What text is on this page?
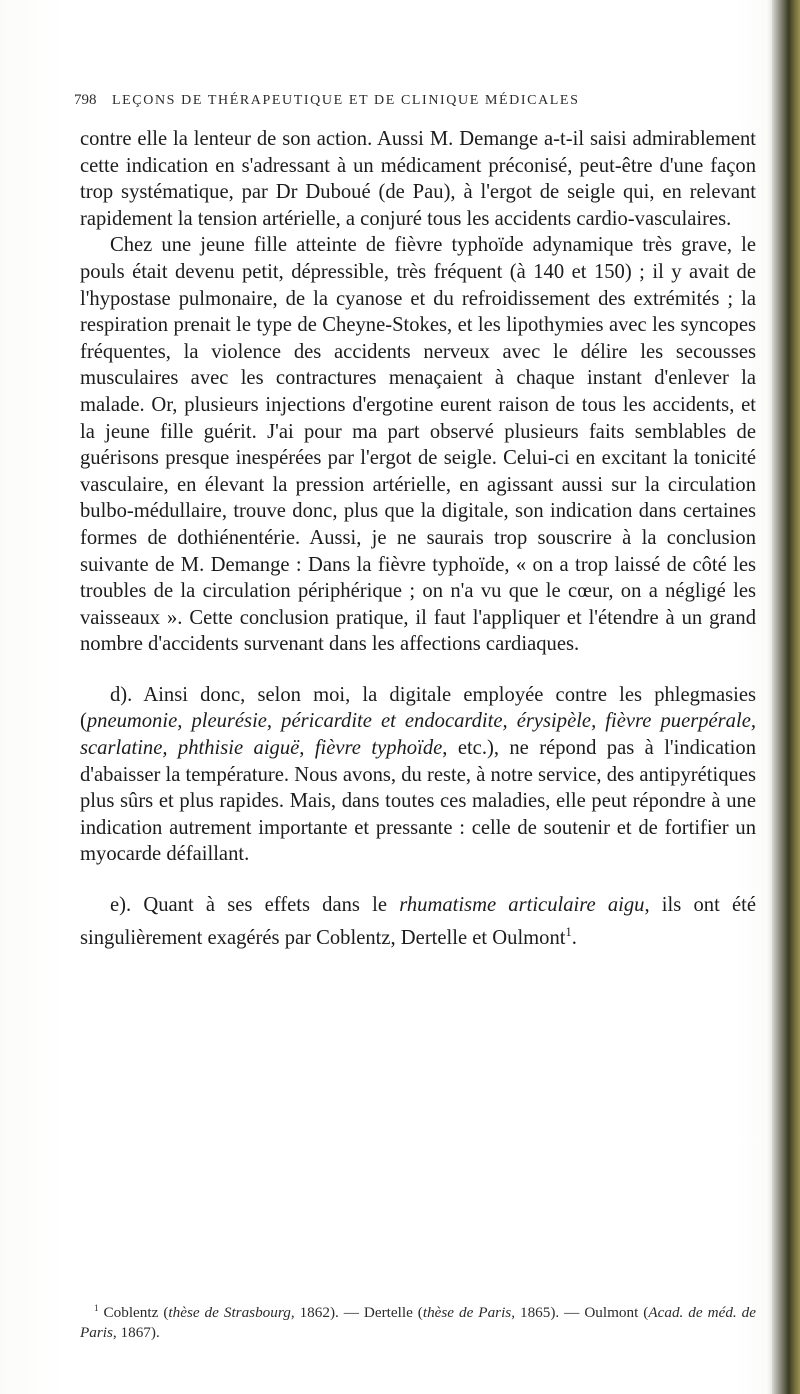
798	LEÇONS DE THÉRAPEUTIQUE ET DE CLINIQUE MÉDICALES

contre elle la lenteur de son action. Aussi M. Demange a-t-il saisi admirablement cette indication en s'adressant à un médicament préconisé, peut-être d'une façon trop systématique, par Dr Duboué (de Pau), à l'ergot de seigle qui, en relevant rapidement la tension artérielle, a conjuré tous les accidents cardio-vasculaires.

Chez une jeune fille atteinte de fièvre typhoïde adynamique très grave, le pouls était devenu petit, dépressible, très fréquent (à 140 et 150) ; il y avait de l'hypostase pulmonaire, de la cyanose et du refroidissement des extrémités ; la respiration prenait le type de Cheyne-Stokes, et les lipothymies avec les syncopes fréquentes, la violence des accidents nerveux avec le délire les secousses musculaires avec les contractures menaçaient à chaque instant d'enlever la malade. Or, plusieurs injections d'ergotine eurent raison de tous les accidents, et la jeune fille guérit. J'ai pour ma part observé plusieurs faits semblables de guérisons presque inespérées par l'ergot de seigle. Celui-ci en excitant la tonicité vasculaire, en élevant la pression artérielle, en agissant aussi sur la circulation bulbo-médullaire, trouve donc, plus que la digitale, son indication dans certaines formes de dothiénentérie. Aussi, je ne saurais trop souscrire à la conclusion suivante de M. Demange : Dans la fièvre typhoïde, « on a trop laissé de côté les troubles de la circulation périphérique ; on n'a vu que le cœur, on a négligé les vaisseaux ». Cette conclusion pratique, il faut l'appliquer et l'étendre à un grand nombre d'accidents survenant dans les affections cardiaques.

d). Ainsi donc, selon moi, la digitale employée contre les phlegmasies (pneumonie, pleurésie, péricardite et endocardite, érysipèle, fièvre puerpérale, scarlatine, phthisie aiguë, fièvre typhoïde, etc.), ne répond pas à l'indication d'abaisser la température. Nous avons, du reste, à notre service, des antipyrétiques plus sûrs et plus rapides. Mais, dans toutes ces maladies, elle peut répondre à une indication autrement importante et pressante : celle de soutenir et de fortifier un myocarde défaillant.

e). Quant à ses effets dans le rhumatisme articulaire aigu, ils ont été singulièrement exagérés par Coblentz, Dertelle et Oulmont$^1$.

$^1$ Coblentz (thèse de Strasbourg, 1862). — Dertelle (thèse de Paris, 1865). — Oulmont (Acad. de méd. de Paris, 1867).
